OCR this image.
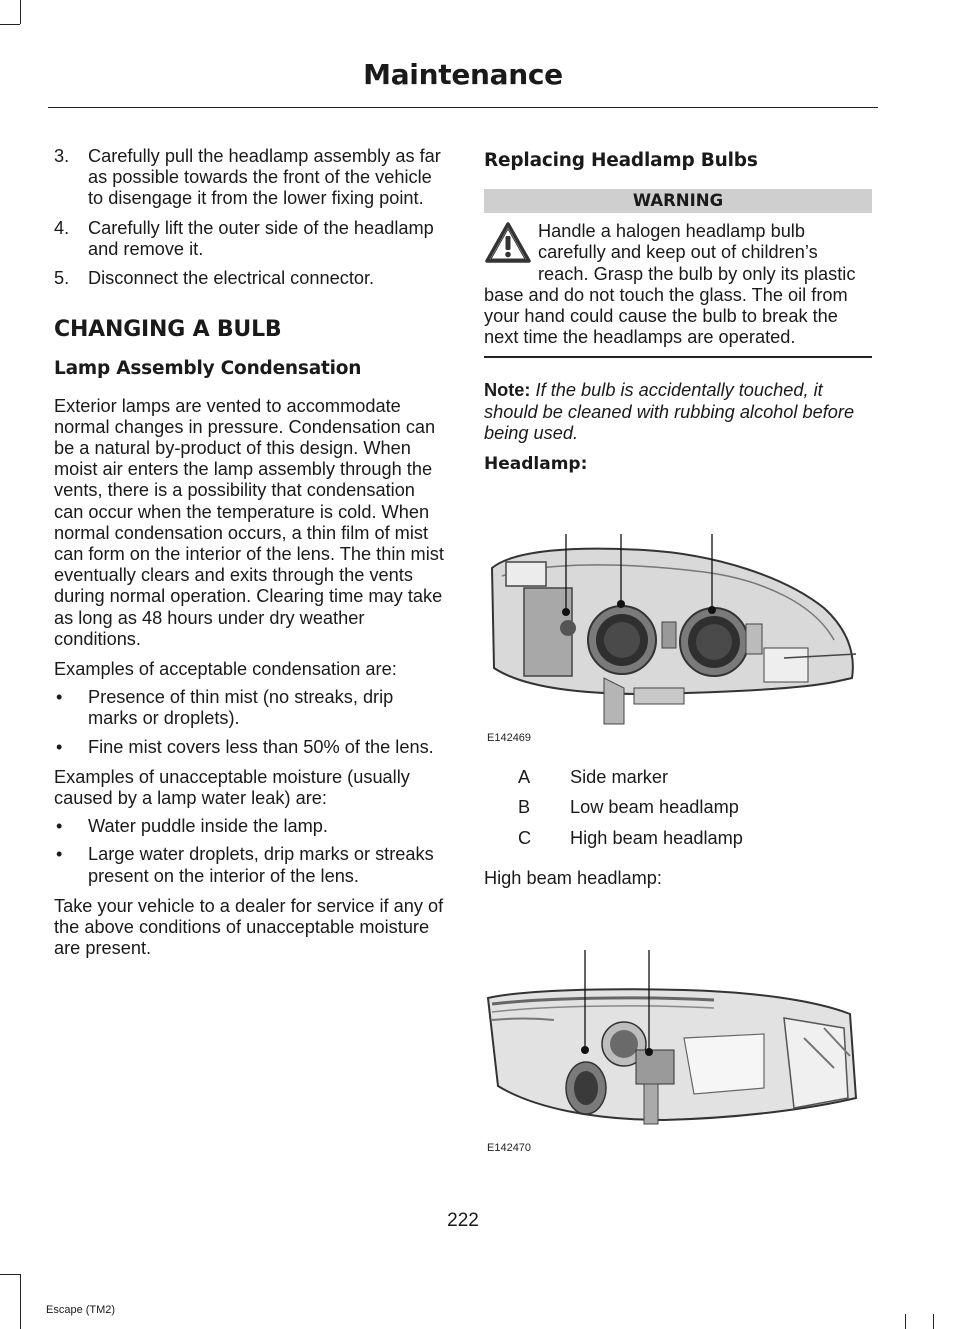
Maintenance
3. Carefully pull the headlamp assembly as far as possible towards the front of the vehicle to disengage it from the lower fixing point.
4. Carefully lift the outer side of the headlamp and remove it.
5. Disconnect the electrical connector.
CHANGING A BULB
Lamp Assembly Condensation

Exterior lamps are vented to accommodate normal changes in pressure. Condensation can be a natural by-product of this design. When moist air enters the lamp assembly through the vents, there is a possibility that condensation can occur when the temperature is cold. When normal condensation occurs, a thin film of mist can form on the interior of the lens. The thin mist eventually clears and exits through the vents during normal operation. Clearing time may take as long as 48 hours under dry weather conditions.

Examples of acceptable condensation are:

• Presence of thin mist (no streaks, drip marks or droplets).
• Fine mist covers less than 50% of the lens.

Examples of unacceptable moisture (usually caused by a lamp water leak) are:

• Water puddle inside the lamp.
• Large water droplets, drip marks or streaks present on the interior of the lens.

Take your vehicle to a dealer for service if any of the above conditions of unacceptable moisture are present.

Replacing Headlamp Bulbs
WARNING
Handle a halogen headlamp bulb carefully and keep out of children’s reach. Grasp the bulb by only its plastic base and do not touch the glass. The oil from your hand could cause the bulb to break the next time the headlamps are operated.

Note: If the bulb is accidentally touched, it should be cleaned with rubbing alcohol before being used.

Headlamp:
E142469
A Side marker
B Low beam headlamp
C High beam headlamp
High beam headlamp:
E142470
222
Escape (TM2)
